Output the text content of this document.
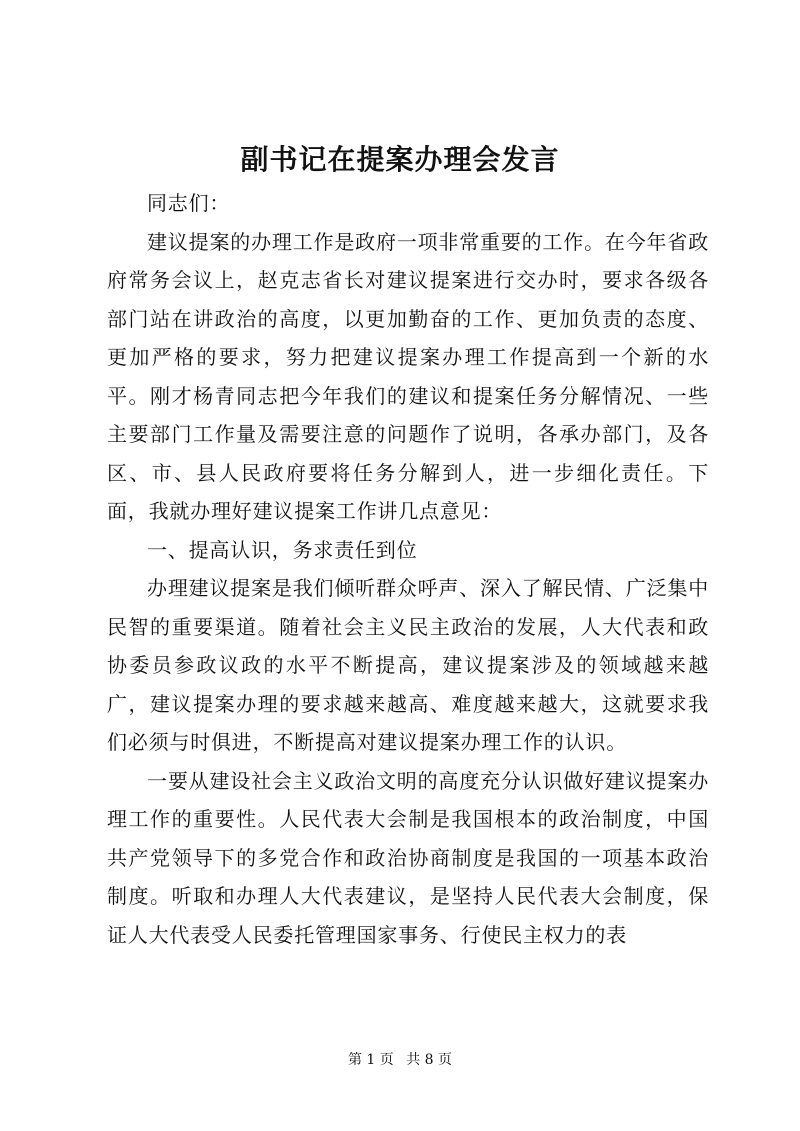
副书记在提案办理会发言

同志们：

建议提案的办理工作是政府一项非常重要的工作。在今年省政府常务会议上，赵克志省长对建议提案进行交办时，要求各级各部门站在讲政治的高度，以更加勤奋的工作、更加负责的态度、更加严格的要求，努力把建议提案办理工作提高到一个新的水平。刚才杨青同志把今年我们的建议和提案任务分解情况、一些主要部门工作量及需要注意的问题作了说明，各承办部门，及各区、市、县人民政府要将任务分解到人，进一步细化责任。下面，我就办理好建议提案工作讲几点意见：

一、提高认识，务求责任到位

办理建议提案是我们倾听群众呼声、深入了解民情、广泛集中民智的重要渠道。随着社会主义民主政治的发展，人大代表和政协委员参政议政的水平不断提高，建议提案涉及的领域越来越广，建议提案办理的要求越来越高、难度越来越大，这就要求我们必须与时俱进，不断提高对建议提案办理工作的认识。

一要从建设社会主义政治文明的高度充分认识做好建议提案办理工作的重要性。人民代表大会制是我国根本的政治制度，中国共产党领导下的多党合作和政治协商制度是我国的一项基本政治制度。听取和办理人大代表建议，是坚持人民代表大会制度，保证人大代表受人民委托管理国家事务、行使民主权力的表

第 1 页 共 8 页
